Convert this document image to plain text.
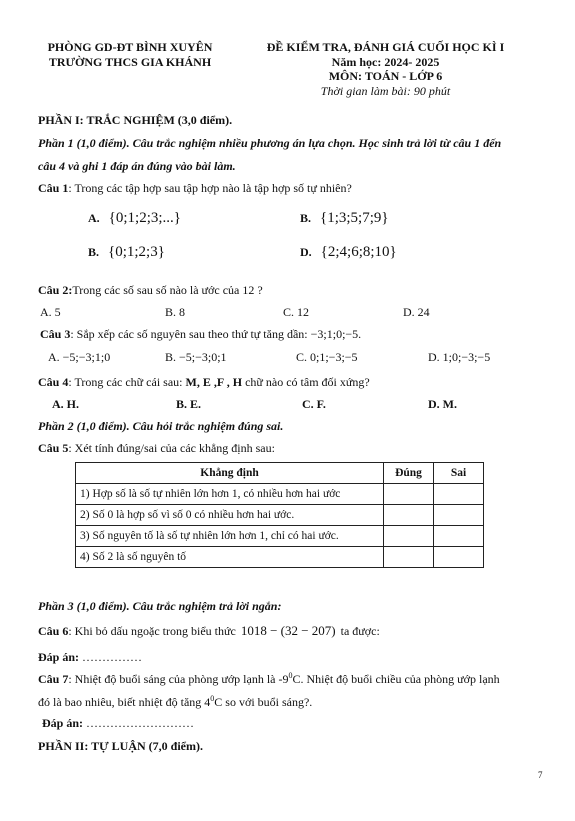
PHÒNG GD-ĐT BÌNH XUYÊN
TRƯỜNG THCS GIA KHÁNH
ĐỀ KIỂM TRA, ĐÁNH GIÁ CUỐI HỌC KÌ I
Năm học: 2024- 2025
MÔN: TOÁN - LỚP 6
Thời gian làm bài: 90 phút
PHẦN I: TRẮC NGHIỆM (3,0 điểm).
Phần 1 (1,0 điểm). Câu trắc nghiệm nhiều phương án lựa chọn. Học sinh trả lời từ câu 1 đến
câu 4 và ghi 1 đáp án đúng vào bài làm.
Câu 1: Trong các tập hợp sau tập hợp nào là tập hợp số tự nhiên?
A. {0;1;2;3;...}	B. {1;3;5;7;9}
B. {0;1;2;3}	D. {2;4;6;8;10}
Câu 2:Trong các số sau số nào là ước của 12 ?
A. 5	B. 8	C. 12	D. 24
Câu 3: Sắp xếp các số nguyên sau theo thứ tự tăng dần: −3;1;0;−5.
A. −5;−3;1;0	B. −5;−3;0;1	C. 0;1;−3;−5	D. 1;0;−3;−5
Câu 4: Trong các chữ cái sau: M, E ,F , H chữ nào có tâm đối xứng?
A. H.	B. E.	C. F.	D. M.
Phần 2 (1,0 điểm). Câu hỏi trắc nghiệm đúng sai.
Câu 5: Xét tính đúng/sai của các khẳng định sau:
Khẳng định	Đúng	Sai
1) Hợp số là số tự nhiên lớn hơn 1, có nhiều hơn hai ước		
2) Số 0 là hợp số vì số 0 có nhiều hơn hai ước.		
3) Số nguyên tố là số tự nhiên lớn hơn 1, chỉ có hai ước.		
4) Số 2 là số nguyên tố		
Phần 3 (1,0 điểm). Câu trắc nghiệm trả lời ngắn:
Câu 6: Khi bỏ dấu ngoặc trong biểu thức 1018 − (32 − 207) ta được:
Đáp án: ……………
Câu 7: Nhiệt độ buổi sáng của phòng ướp lạnh là $-9^0C$. Nhiệt độ buổi chiều của phòng ướp lạnh
đó là bao nhiêu, biết nhiệt độ tăng $4^0C$ so với buổi sáng?.
Đáp án: ………………………
PHẦN II: TỰ LUẬN (7,0 điểm).
7
